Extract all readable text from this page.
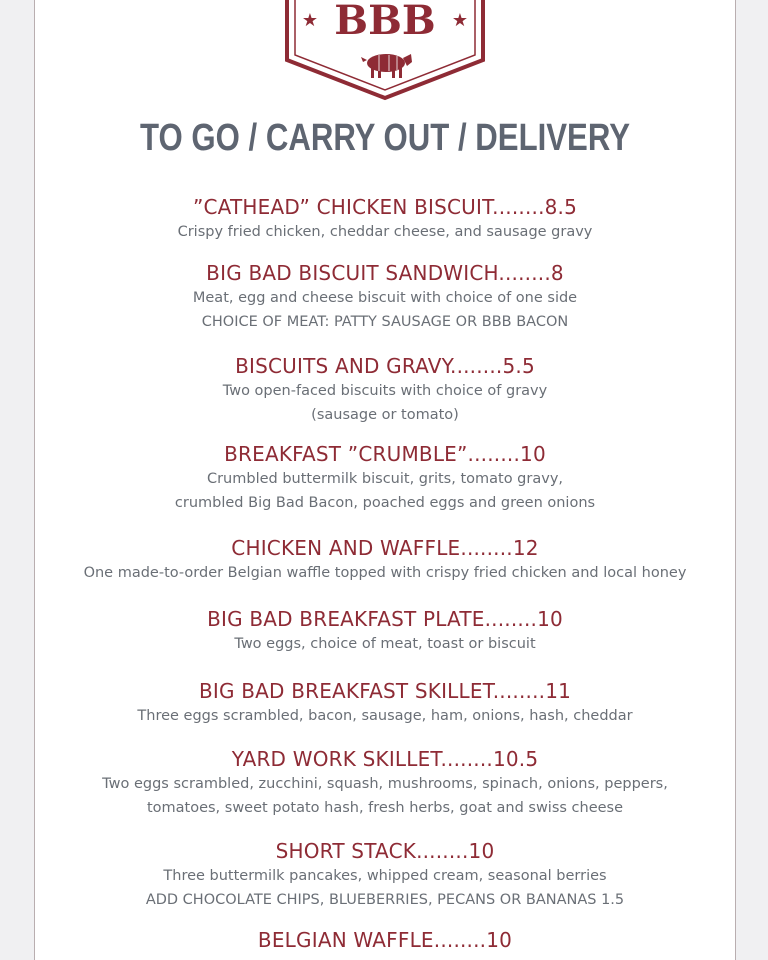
★ BBB ★
TO GO / CARRY OUT / DELIVERY
”CATHEAD” CHICKEN BISCUIT........8.5
Crispy fried chicken, cheddar cheese, and sausage gravy
BIG BAD BISCUIT SANDWICH........8
Meat, egg and cheese biscuit with choice of one side
CHOICE OF MEAT: PATTY SAUSAGE OR BBB BACON
BISCUITS AND GRAVY........5.5
Two open-faced biscuits with choice of gravy
(sausage or tomato)
BREAKFAST ”CRUMBLE”........10
Crumbled buttermilk biscuit, grits, tomato gravy,
crumbled Big Bad Bacon, poached eggs and green onions
CHICKEN AND WAFFLE........12
One made-to-order Belgian waffle topped with crispy fried chicken and local honey
BIG BAD BREAKFAST PLATE........10
Two eggs, choice of meat, toast or biscuit
BIG BAD BREAKFAST SKILLET........11
Three eggs scrambled, bacon, sausage, ham, onions, hash, cheddar
YARD WORK SKILLET........10.5
Two eggs scrambled, zucchini, squash, mushrooms, spinach, onions, peppers,
tomatoes, sweet potato hash, fresh herbs, goat and swiss cheese
SHORT STACK........10
Three buttermilk pancakes, whipped cream, seasonal berries
ADD CHOCOLATE CHIPS, BLUEBERRIES, PECANS OR BANANAS 1.5
BELGIAN WAFFLE........10
